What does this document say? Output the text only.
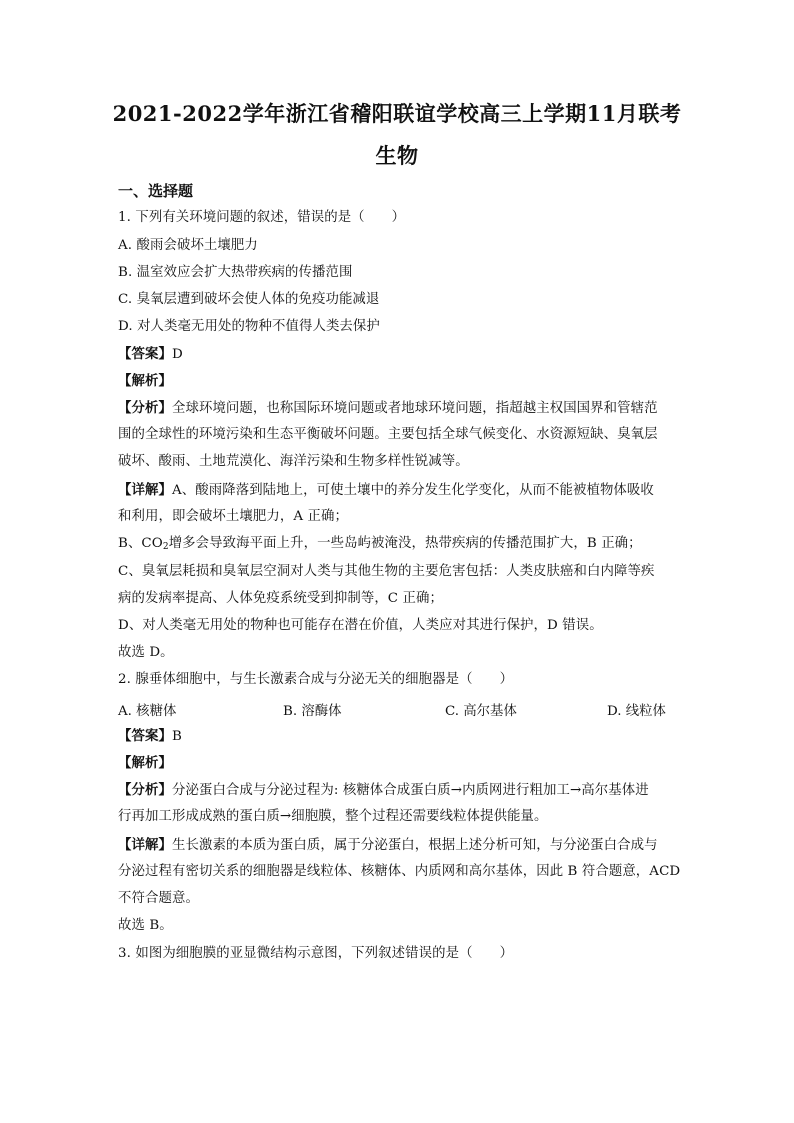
2021-2022学年浙江省稽阳联谊学校高三上学期11月联考
生物
一、选择题
1. 下列有关环境问题的叙述，错误的是（　　）
A. 酸雨会破坏土壤肥力
B. 温室效应会扩大热带疾病的传播范围
C. 臭氧层遭到破坏会使人体的免疫功能减退
D. 对人类毫无用处的物种不值得人类去保护
【答案】D
【解析】
【分析】全球环境问题，也称国际环境问题或者地球环境问题，指超越主权国国界和管辖范
围的全球性的环境污染和生态平衡破坏问题。主要包括全球气候变化、水资源短缺、臭氧层
破坏、酸雨、土地荒漠化、海洋污染和生物多样性锐减等。
【详解】A、酸雨降落到陆地上，可使土壤中的养分发生化学变化，从而不能被植物体吸收
和利用，即会破坏土壤肥力，A 正确；
B、$CO_2$增多会导致海平面上升，一些岛屿被淹没，热带疾病的传播范围扩大，B 正确；
C、臭氧层耗损和臭氧层空洞对人类与其他生物的主要危害包括：人类皮肤癌和白内障等疾
病的发病率提高、人体免疫系统受到抑制等，C 正确；
D、对人类毫无用处的物种也可能存在潜在价值，人类应对其进行保护，D 错误。
故选 D。
2. 腺垂体细胞中，与生长激素合成与分泌无关的细胞器是（　　）
A. 核糖体	B. 溶酶体	C. 高尔基体	D. 线粒体
【答案】B
【解析】
【分析】分泌蛋白合成与分泌过程为: 核糖体合成蛋白质→内质网进行粗加工→高尔基体进
行再加工形成成熟的蛋白质→细胞膜，整个过程还需要线粒体提供能量。
【详解】生长激素的本质为蛋白质，属于分泌蛋白，根据上述分析可知，与分泌蛋白合成与
分泌过程有密切关系的细胞器是线粒体、核糖体、内质网和高尔基体，因此 B 符合题意，ACD
不符合题意。
故选 B。
3. 如图为细胞膜的亚显微结构示意图，下列叙述错误的是（　　）
